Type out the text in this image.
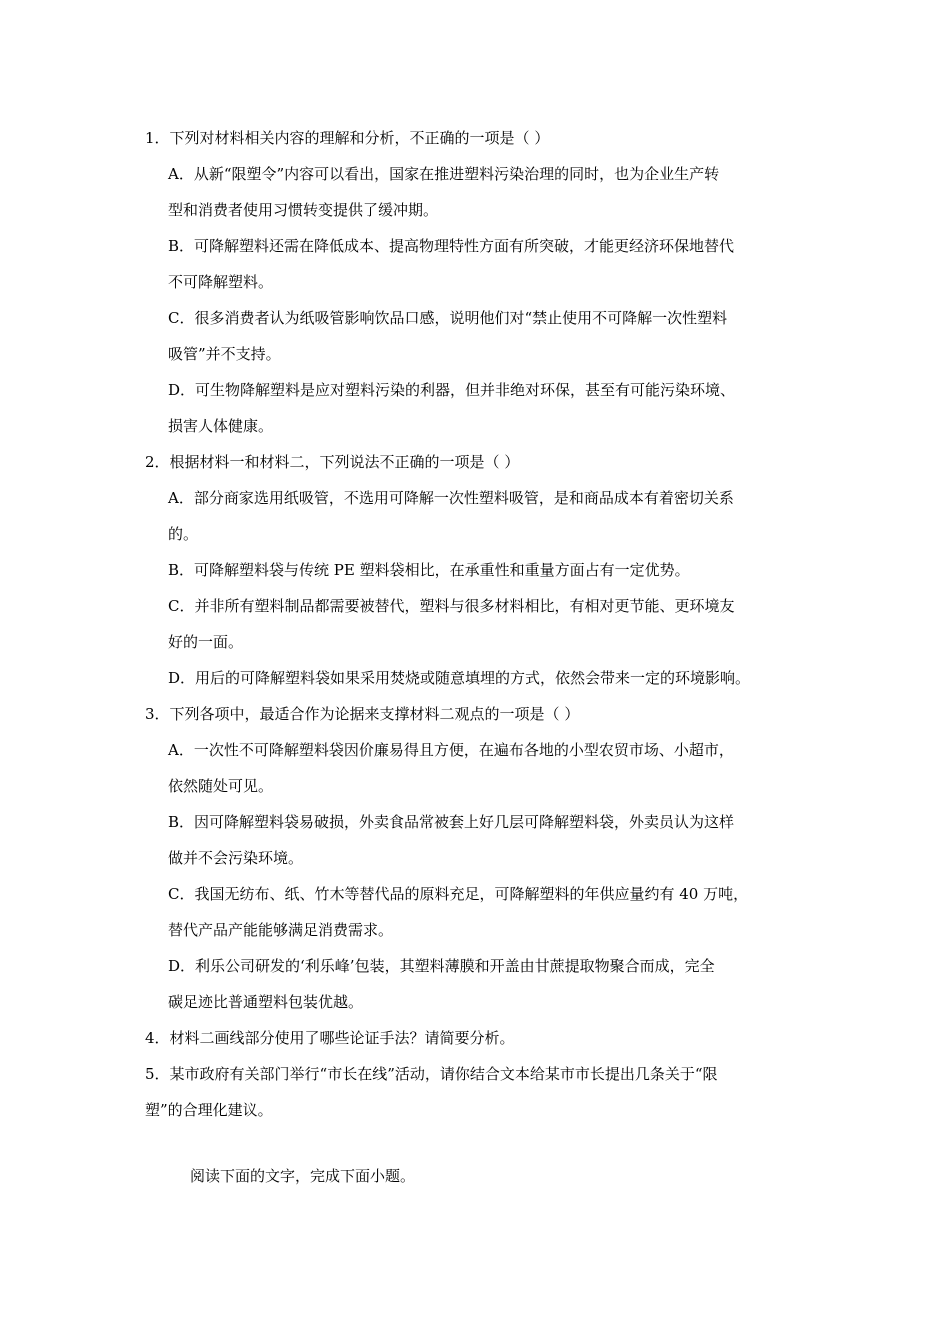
1．下列对材料相关内容的理解和分析，不正确的一项是（ ）
A．从新“限塑令”内容可以看出，国家在推进塑料污染治理的同时，也为企业生产转
型和消费者使用习惯转变提供了缓冲期。
B．可降解塑料还需在降低成本、提高物理特性方面有所突破，才能更经济环保地替代
不可降解塑料。
C．很多消费者认为纸吸管影响饮品口感，说明他们对“禁止使用不可降解一次性塑料
吸管”并不支持。
D．可生物降解塑料是应对塑料污染的利器，但并非绝对环保，甚至有可能污染环境、
损害人体健康。
2．根据材料一和材料二，下列说法不正确的一项是（ ）
A．部分商家选用纸吸管，不选用可降解一次性塑料吸管，是和商品成本有着密切关系
的。
B．可降解塑料袋与传统 PE 塑料袋相比，在承重性和重量方面占有一定优势。
C．并非所有塑料制品都需要被替代，塑料与很多材料相比，有相对更节能、更环境友
好的一面。
D．用后的可降解塑料袋如果采用焚烧或随意填埋的方式，依然会带来一定的环境影响。
3．下列各项中，最适合作为论据来支撑材料二观点的一项是（ ）
A．一次性不可降解塑料袋因价廉易得且方便，在遍布各地的小型农贸市场、小超市，
依然随处可见。
B．因可降解塑料袋易破损，外卖食品常被套上好几层可降解塑料袋，外卖员认为这样
做并不会污染环境。
C．我国无纺布、纸、竹木等替代品的原料充足，可降解塑料的年供应量约有 40 万吨，
替代产品产能能够满足消费需求。
D．利乐公司研发的‘利乐峰’包装，其塑料薄膜和开盖由甘蔗提取物聚合而成，完全
碳足迹比普通塑料包装优越。
4．材料二画线部分使用了哪些论证手法？请简要分析。
5．某市政府有关部门举行“市长在线”活动，请你结合文本给某市市长提出几条关于“限
塑”的合理化建议。
阅读下面的文字，完成下面小题。
